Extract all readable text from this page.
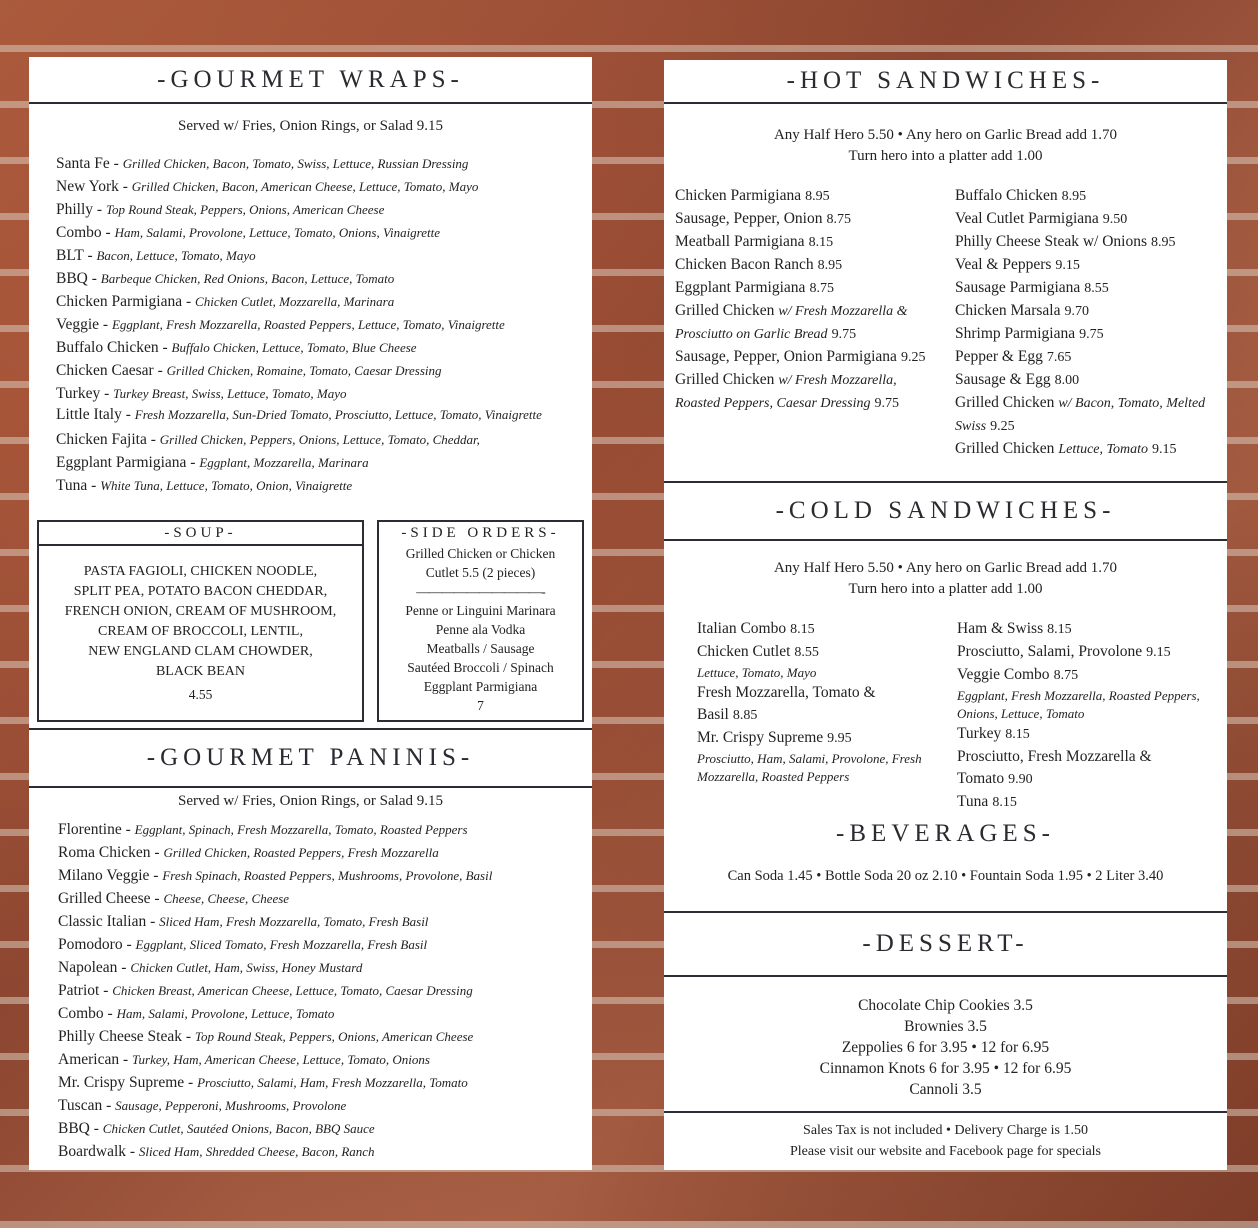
-GOURMET WRAPS-
Served w/ Fries, Onion Rings, or Salad 9.15
Santa Fe - Grilled Chicken, Bacon, Tomato, Swiss, Lettuce, Russian Dressing
New York - Grilled Chicken, Bacon, American Cheese, Lettuce, Tomato, Mayo
Philly - Top Round Steak, Peppers, Onions, American Cheese
Combo - Ham, Salami, Provolone, Lettuce, Tomato, Onions, Vinaigrette
BLT - Bacon, Lettuce, Tomato, Mayo
BBQ - Barbeque Chicken, Red Onions, Bacon, Lettuce, Tomato
Chicken Parmigiana - Chicken Cutlet, Mozzarella, Marinara
Veggie - Eggplant, Fresh Mozzarella, Roasted Peppers, Lettuce, Tomato, Vinaigrette
Buffalo Chicken - Buffalo Chicken, Lettuce, Tomato, Blue Cheese
Chicken Caesar - Grilled Chicken, Romaine, Tomato, Caesar Dressing
Turkey - Turkey Breast, Swiss, Lettuce, Tomato, Mayo
Little Italy - Fresh Mozzarella, Sun-Dried Tomato, Prosciutto, Lettuce, Tomato, Vinaigrette
Chicken Fajita - Grilled Chicken, Peppers, Onions, Lettuce, Tomato, Cheddar,
Eggplant Parmigiana - Eggplant, Mozzarella, Marinara
Tuna - White Tuna, Lettuce, Tomato, Onion, Vinaigrette
-SOUP-
PASTA FAGIOLI, CHICKEN NOODLE,
SPLIT PEA, POTATO BACON CHEDDAR,
FRENCH ONION, CREAM OF MUSHROOM,
CREAM OF BROCCOLI, LENTIL,
NEW ENGLAND CLAM CHOWDER,
BLACK BEAN
4.55
-SIDE ORDERS-
Grilled Chicken or Chicken
Cutlet 5.5 (2 pieces)
——————————-
Penne or Linguini Marinara
Penne ala Vodka
Meatballs / Sausage
Sautéed Broccoli / Spinach
Eggplant Parmigiana
7
-GOURMET PANINIS-
Served w/ Fries, Onion Rings, or Salad 9.15
Florentine - Eggplant, Spinach, Fresh Mozzarella, Tomato, Roasted Peppers
Roma Chicken - Grilled Chicken, Roasted Peppers, Fresh Mozzarella
Milano Veggie - Fresh Spinach, Roasted Peppers, Mushrooms, Provolone, Basil
Grilled Cheese - Cheese, Cheese, Cheese
Classic Italian - Sliced Ham, Fresh Mozzarella, Tomato, Fresh Basil
Pomodoro - Eggplant, Sliced Tomato, Fresh Mozzarella, Fresh Basil
Napolean - Chicken Cutlet, Ham, Swiss, Honey Mustard
Patriot - Chicken Breast, American Cheese, Lettuce, Tomato, Caesar Dressing
Combo - Ham, Salami, Provolone, Lettuce, Tomato
Philly Cheese Steak - Top Round Steak, Peppers, Onions, American Cheese
American - Turkey, Ham, American Cheese, Lettuce, Tomato, Onions
Mr. Crispy Supreme - Prosciutto, Salami, Ham, Fresh Mozzarella, Tomato
Tuscan - Sausage, Pepperoni, Mushrooms, Provolone
BBQ - Chicken Cutlet, Sautéed Onions, Bacon, BBQ Sauce
Boardwalk - Sliced Ham, Shredded Cheese, Bacon, Ranch
-HOT SANDWICHES-
Any Half Hero 5.50 • Any hero on Garlic Bread add 1.70
Turn hero into a platter add 1.00
Chicken Parmigiana 8.95
Sausage, Pepper, Onion 8.75
Meatball Parmigiana 8.15
Chicken Bacon Ranch 8.95
Eggplant Parmigiana 8.75
Grilled Chicken w/ Fresh Mozzarella & Prosciutto on Garlic Bread 9.75
Sausage, Pepper, Onion Parmigiana 9.25
Grilled Chicken w/ Fresh Mozzarella, Roasted Peppers, Caesar Dressing 9.75
Buffalo Chicken 8.95
Veal Cutlet Parmigiana 9.50
Philly Cheese Steak w/ Onions 8.95
Veal & Peppers 9.15
Sausage Parmigiana 8.55
Chicken Marsala 9.70
Shrimp Parmigiana 9.75
Pepper & Egg 7.65
Sausage & Egg 8.00
Grilled Chicken w/ Bacon, Tomato, Melted Swiss 9.25
Grilled Chicken Lettuce, Tomato 9.15
-COLD SANDWICHES-
Any Half Hero 5.50 • Any hero on Garlic Bread add 1.70
Turn hero into a platter add 1.00
Italian Combo 8.15
Chicken Cutlet 8.55
Lettuce, Tomato, Mayo
Fresh Mozzarella, Tomato & Basil 8.85
Mr. Crispy Supreme 9.95
Prosciutto, Ham, Salami, Provolone, Fresh Mozzarella, Roasted Peppers
Ham & Swiss 8.15
Prosciutto, Salami, Provolone 9.15
Veggie Combo 8.75
Eggplant, Fresh Mozzarella, Roasted Peppers, Onions, Lettuce, Tomato
Turkey 8.15
Prosciutto, Fresh Mozzarella & Tomato 9.90
Tuna 8.15
-BEVERAGES-
Can Soda 1.45 • Bottle Soda 20 oz 2.10 • Fountain Soda 1.95 • 2 Liter 3.40
-DESSERT-
Chocolate Chip Cookies 3.5
Brownies 3.5
Zeppolies 6 for 3.95 • 12 for 6.95
Cinnamon Knots 6 for 3.95 • 12 for 6.95
Cannoli 3.5
Sales Tax is not included • Delivery Charge is 1.50
Please visit our website and Facebook page for specials
